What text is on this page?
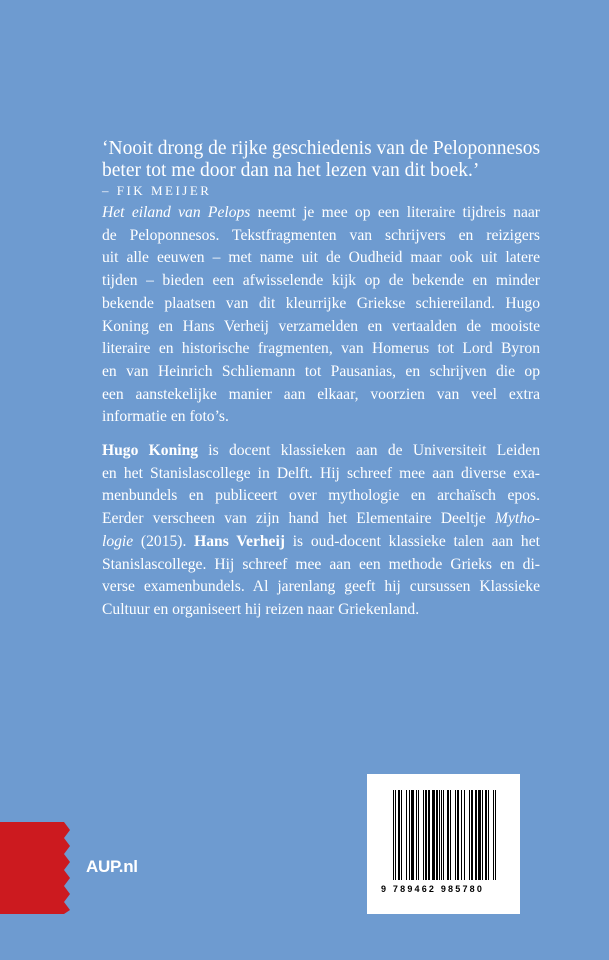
‘Nooit drong de rijke geschiedenis van de Peloponnesos
beter tot me door dan na het lezen van dit boek.’
– FIK MEIJER
Het eiland van Pelops neemt je mee op een literaire tijdreis naar
de Peloponnesos. Tekstfragmenten van schrijvers en reizigers
uit alle eeuwen – met name uit de Oudheid maar ook uit latere
tijden – bieden een afwisselende kijk op de bekende en minder
bekende plaatsen van dit kleurrijke Griekse schiereiland. Hugo
Koning en Hans Verheij verzamelden en vertaalden de mooiste
literaire en historische fragmenten, van Homerus tot Lord Byron
en van Heinrich Schliemann tot Pausanias, en schrijven die op
een aanstekelijke manier aan elkaar, voorzien van veel extra
informatie en foto’s.
Hugo Koning is docent klassieken aan de Universiteit Leiden
en het Stanislascollege in Delft. Hij schreef mee aan diverse exa-
menbundels en publiceert over mythologie en archaïsch epos.
Eerder verscheen van zijn hand het Elementaire Deeltje Mytho-
logie (2015). Hans Verheij is oud-docent klassieke talen aan het
Stanislascollege. Hij schreef mee aan een methode Grieks en di-
verse examenbundels. Al jarenlang geeft hij cursussen Klassieke
Cultuur en organiseert hij reizen naar Griekenland.
AUP.nl
9 789462 985780
